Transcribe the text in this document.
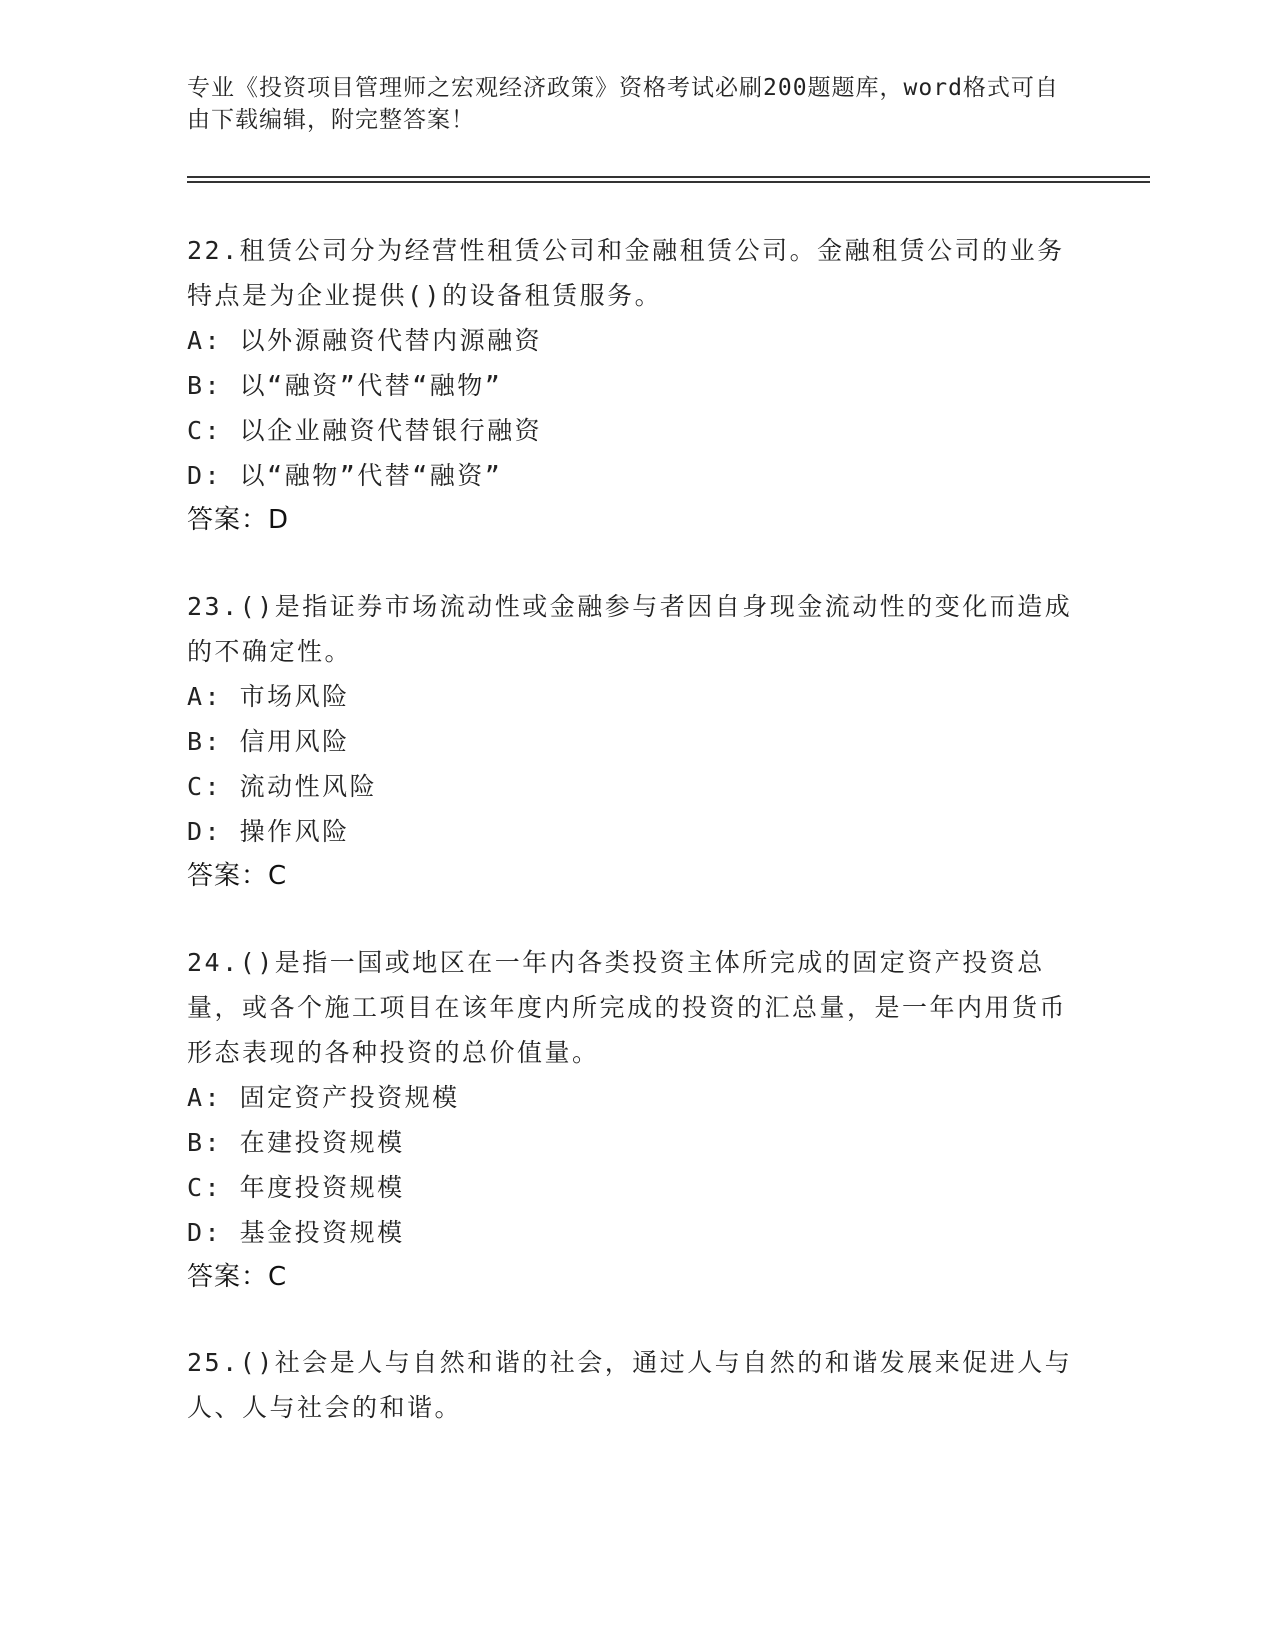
专业《投资项目管理师之宏观经济政策》资格考试必刷200题题库，word格式可自由下载编辑，附完整答案！
22.租赁公司分为经营性租赁公司和金融租赁公司。金融租赁公司的业务特点是为企业提供()的设备租赁服务。
A: 以外源融资代替内源融资
B: 以“融资”代替“融物”
C: 以企业融资代替银行融资
D: 以“融物”代替“融资”
答案：D
23.()是指证券市场流动性或金融参与者因自身现金流动性的变化而造成的不确定性。
A: 市场风险
B: 信用风险
C: 流动性风险
D: 操作风险
答案：C
24.()是指一国或地区在一年内各类投资主体所完成的固定资产投资总量，或各个施工项目在该年度内所完成的投资的汇总量，是一年内用货币形态表现的各种投资的总价值量。
A: 固定资产投资规模
B: 在建投资规模
C: 年度投资规模
D: 基金投资规模
答案：C
25.()社会是人与自然和谐的社会，通过人与自然的和谐发展来促进人与人、人与社会的和谐。
